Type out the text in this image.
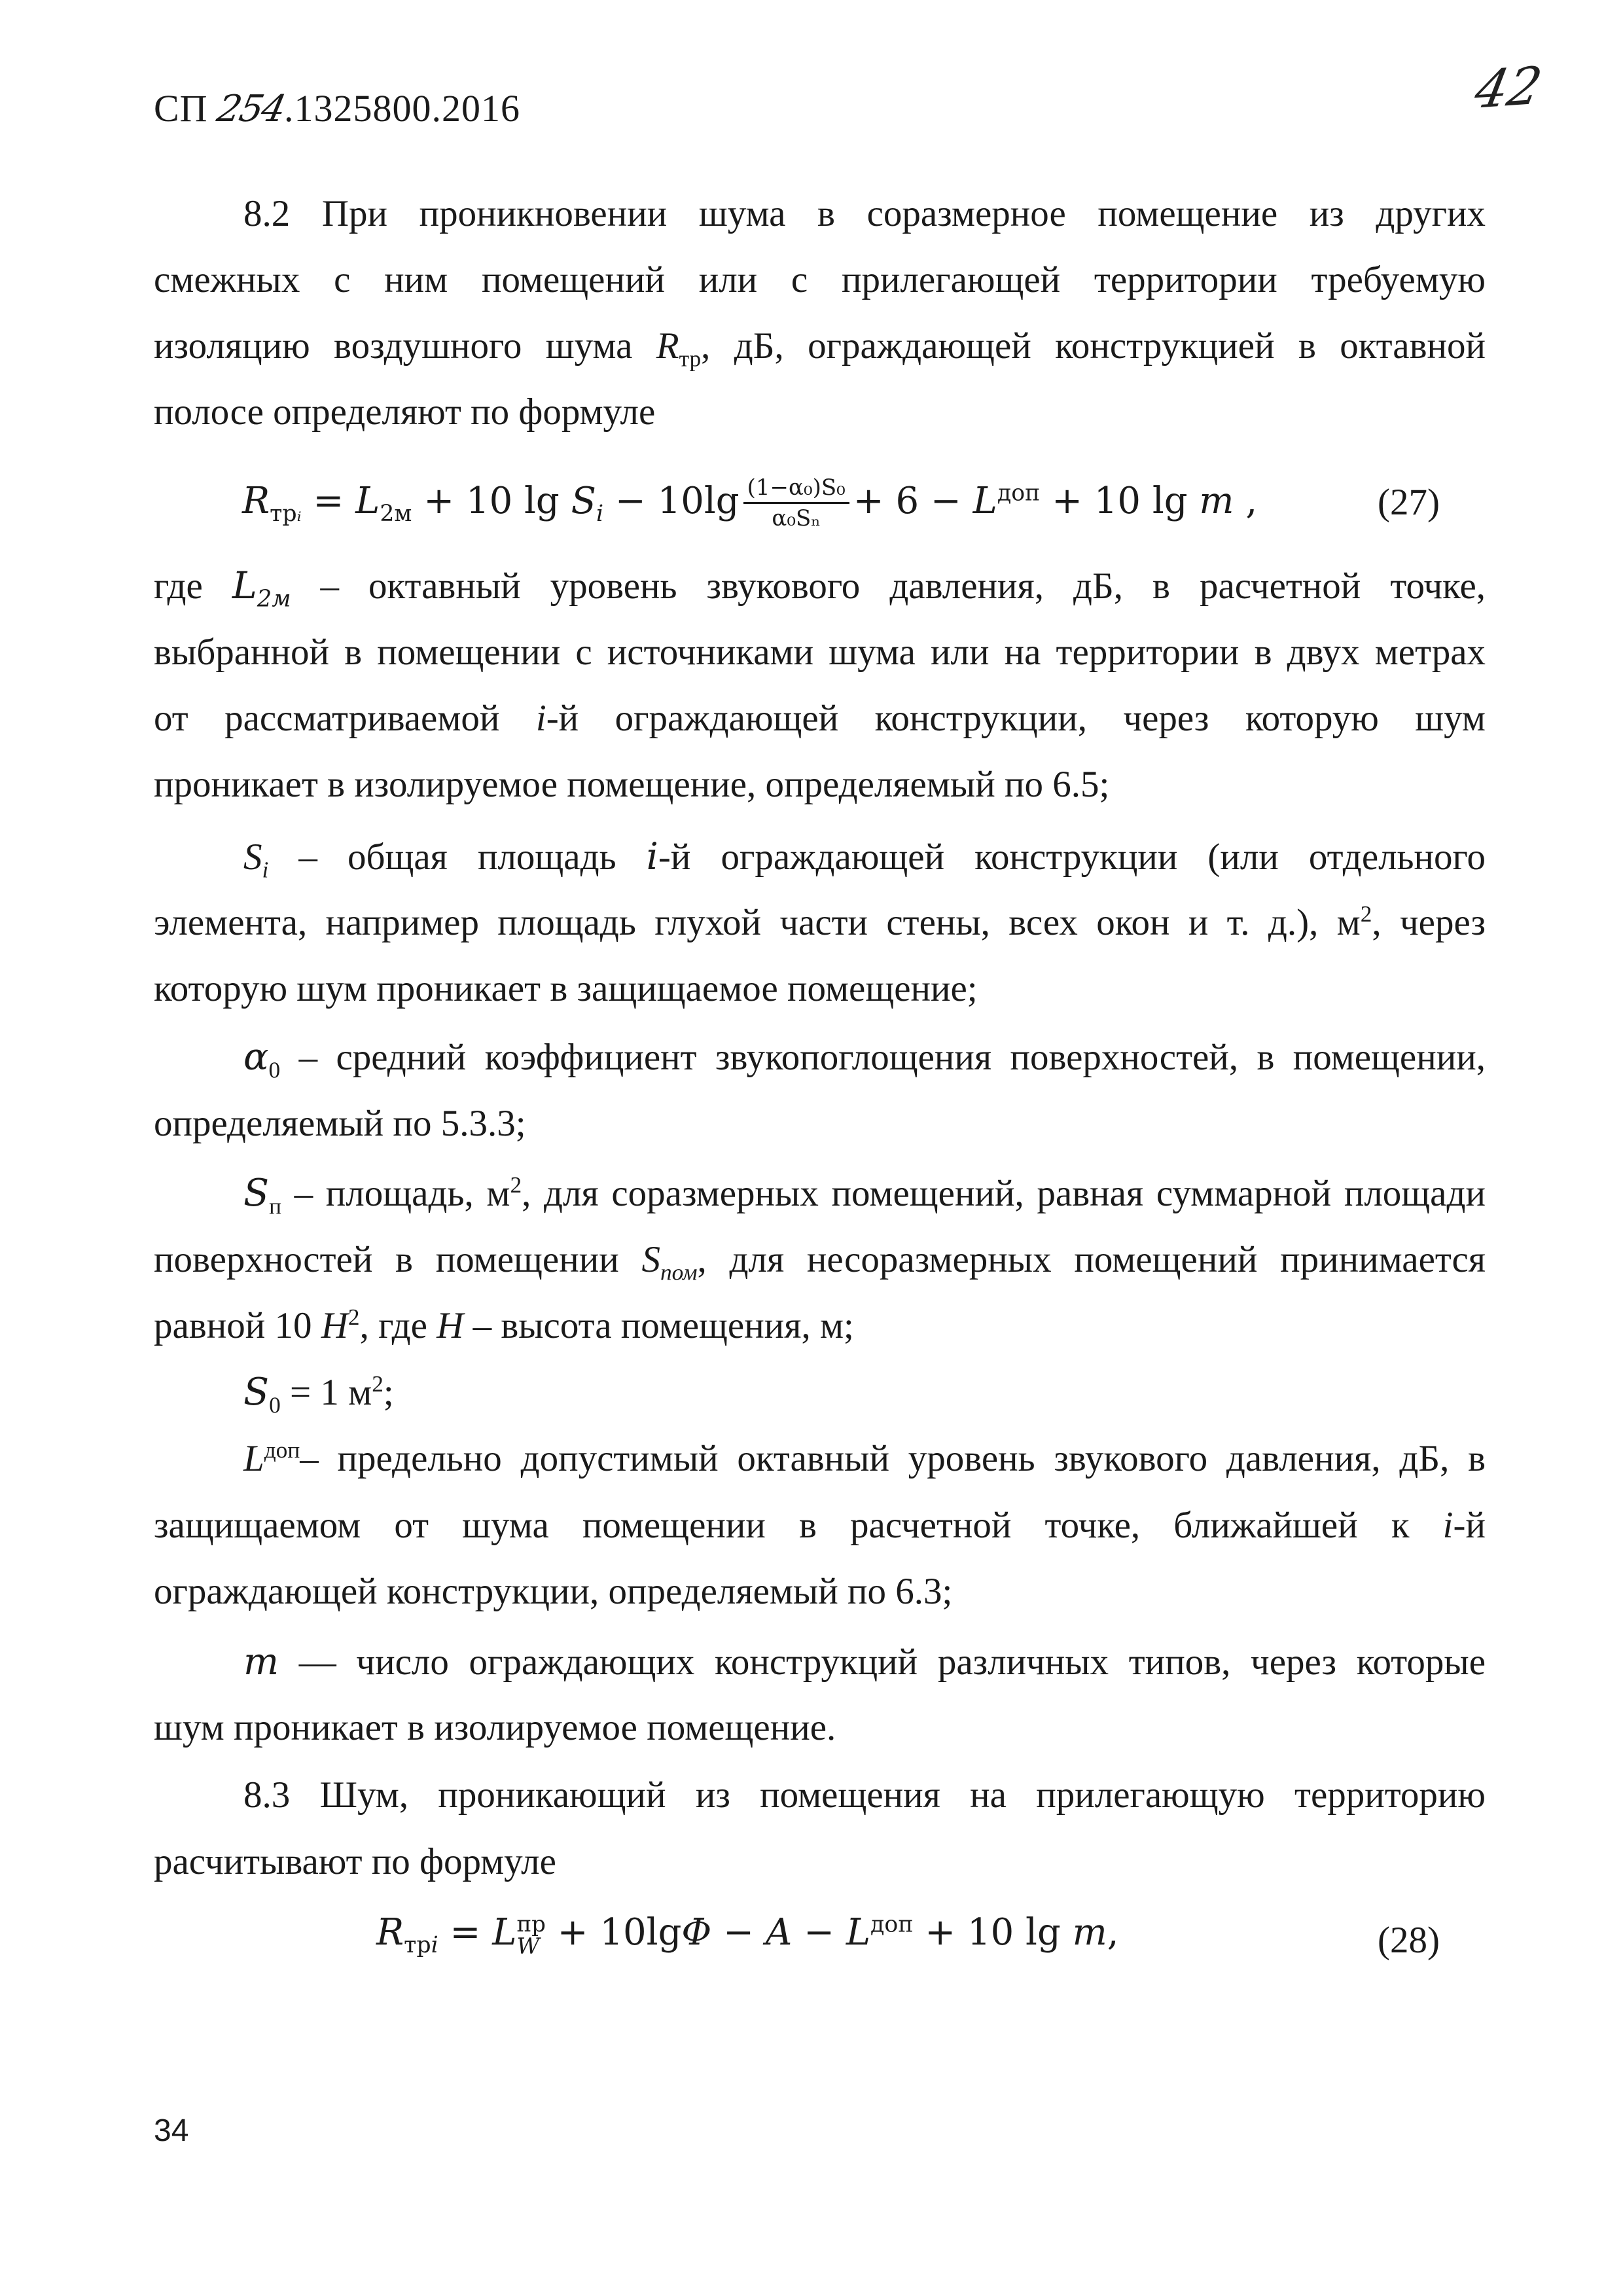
СП 254.1325800.2016	42
8.2 При проникновении шума в соразмерное помещение из других
смежных с ним помещений или с прилегающей территории требуемую
изоляцию воздушного шума $R_{тр}$, дБ, ограждающей конструкцией в октавной
полосе определяют по формуле
$R_{трᵢ} = L_{2м} + 10$ $\lg S_i - 10\lg \frac{\text{(1−α₀)S₀}}{\text{α₀Sₙ}} + 6 - L^{доп} + 10$ lg m ,	(27)
где $L_{2м}$ – октавный уровень звукового давления, дБ, в расчетной точке,
выбранной в помещении с источниками шума или на территории в двух метрах
от рассматриваемой i-й ограждающей конструкции, через которую шум
проникает в изолируемое помещение, определяемый по 6.5;
$S_i$ – общая площадь i-й ограждающей конструкции (или отдельного
элемента, например площадь глухой части стены, всех окон и т. д.), $м^2$, через
которую шум проникает в защищаемое помещение;
$\alpha_0$ – средний коэффициент звукопоглощения поверхностей, в помещении,
определяемый по 5.3.3;
$S_п$ – площадь, $м^2$, для соразмерных помещений, равная суммарной площади
поверхностей в помещении $S_{пом}$, для несоразмерных помещений принимается
равной 10 $H^2$, где H – высота помещения, м;
$S_0 = 1$ $м^2$;
$L^{доп}-$ предельно допустимый октавный уровень звукового давления, дБ, в
защищаемом от шума помещении в расчетной точке, ближайшей к i-й
ограждающей конструкции, определяемый по 6.3;
m — число ограждающих конструкций различных типов, через которые
шум проникает в изолируемое помещение.
8.3 Шум, проникающий из помещения на прилегающую территорию
расчитывают по формуле
$R_{трi} = L$ пр
$W + 10\lg\Phi - A - L^{доп} + 10$ lg m,	(28)
34
